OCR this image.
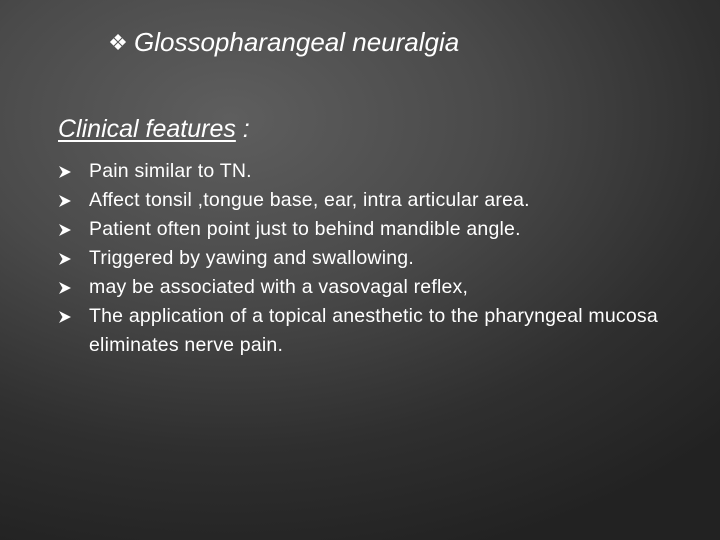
❖ Glossopharangeal neuralgia
Clinical features :
Pain similar to TN.
Affect tonsil ,tongue base, ear, intra articular area.
Patient often point just to behind mandible angle.
Triggered by yawing and swallowing.
may be associated with a vasovagal reflex,
The application of a topical anesthetic to the pharyngeal mucosa eliminates nerve pain.
